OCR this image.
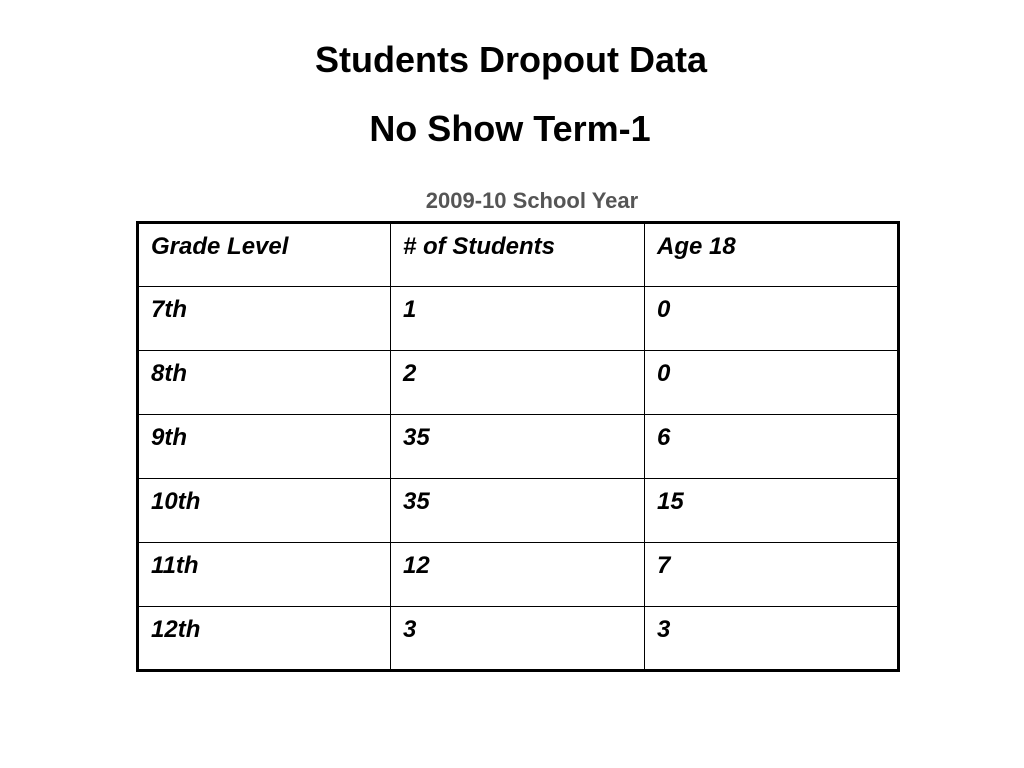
Students Dropout Data
No Show Term-1
2009-10 School Year
Grade Level	# of Students	Age 18

7th	1	0

8th	2	0

9th	35	6

10th	35	15

11th	12	7

12th	3	3
